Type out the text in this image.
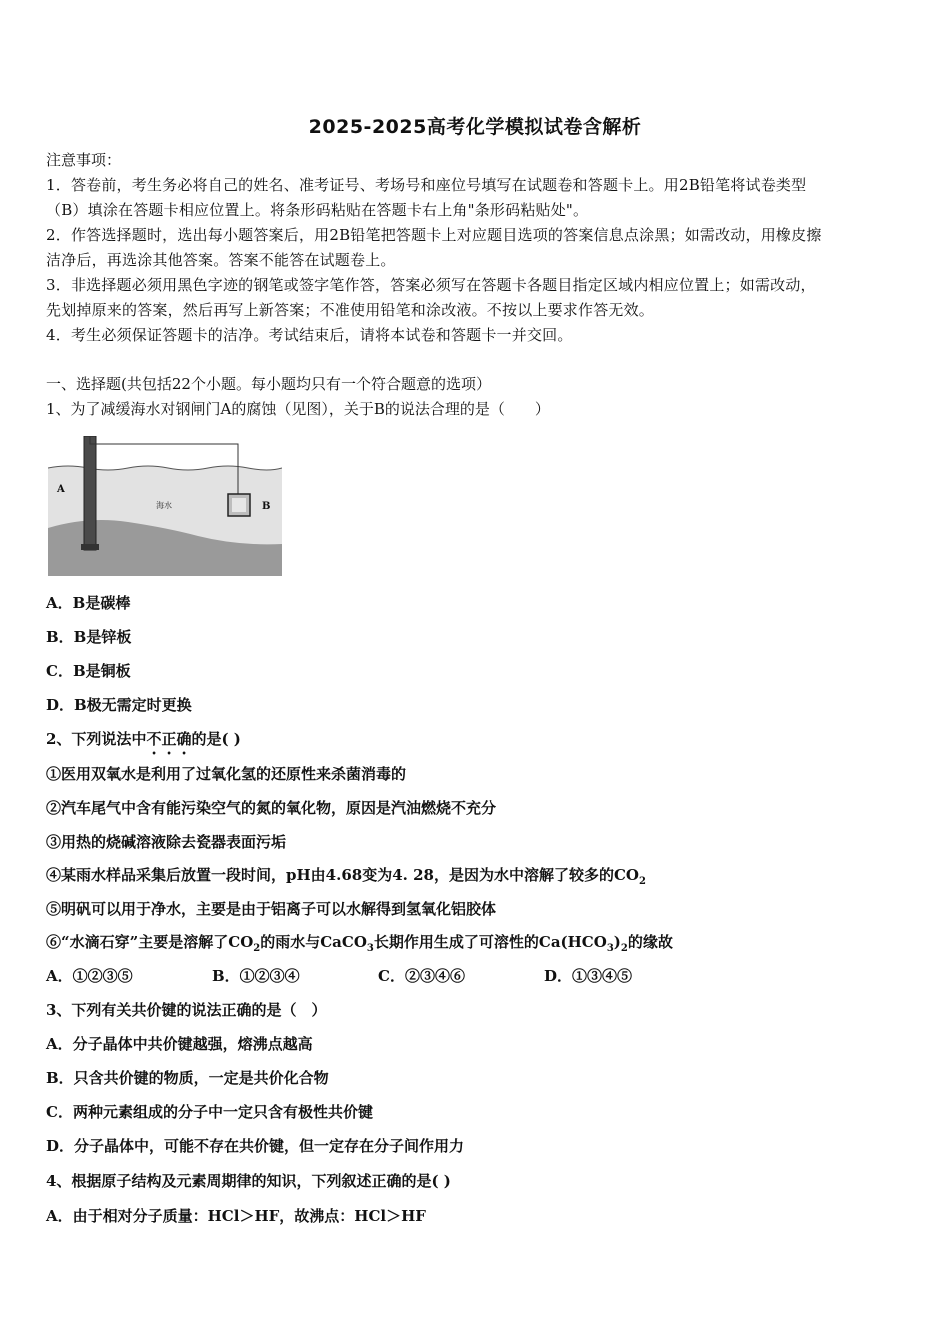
2025-2025高考化学模拟试卷含解析
注意事项：
1．答卷前，考生务必将自己的姓名、准考证号、考场号和座位号填写在试题卷和答题卡上。用2B铅笔将试卷类型
（B）填涂在答题卡相应位置上。将条形码粘贴在答题卡右上角"条形码粘贴处"。
2．作答选择题时，选出每小题答案后，用2B铅笔把答题卡上对应题目选项的答案信息点涂黑；如需改动，用橡皮擦
洁净后，再选涂其他答案。答案不能答在试题卷上。
3．非选择题必须用黑色字迹的钢笔或签字笔作答，答案必须写在答题卡各题目指定区域内相应位置上；如需改动，
先划掉原来的答案，然后再写上新答案；不准使用铅笔和涂改液。不按以上要求作答无效。
4．考生必须保证答题卡的洁净。考试结束后，请将本试卷和答题卡一并交回。
一、选择题(共包括22个小题。每小题均只有一个符合题意的选项）
1、为了减缓海水对钢闸门A的腐蚀（见图），关于B的说法合理的是（　　）
A
B
海水
A．B是碳棒
B．B是锌板
C．B是铜板
D．B极无需定时更换
2、下列说法中不正确的是( )
①医用双氧水是利用了过氧化氢的还原性来杀菌消毒的
②汽车尾气中含有能污染空气的氮的氧化物，原因是汽油燃烧不充分
③用热的烧碱溶液除去瓷器表面污垢
④某雨水样品采集后放置一段时间，pH由4.68变为4. 28，是因为水中溶解了较多的$CO_2$
⑤明矾可以用于净水，主要是由于铝离子可以水解得到氢氧化铝胶体
⑥“水滴石穿”主要是溶解了$CO_2$的雨水与CaCO$_3$长期作用生成了可溶性的$Ca(HCO_3)_2$的缘故
A．①②③⑤	B．①②③④	C．②③④⑥	D．①③④⑤
3、下列有关共价键的说法正确的是（　）
A．分子晶体中共价键越强，熔沸点越高
B．只含共价键的物质，一定是共价化合物
C．两种元素组成的分子中一定只含有极性共价键
D．分子晶体中，可能不存在共价键，但一定存在分子间作用力
4、根据原子结构及元素周期律的知识，下列叙述正确的是( )
A．由于相对分子质量：HCl＞HF，故沸点：HCl＞HF
